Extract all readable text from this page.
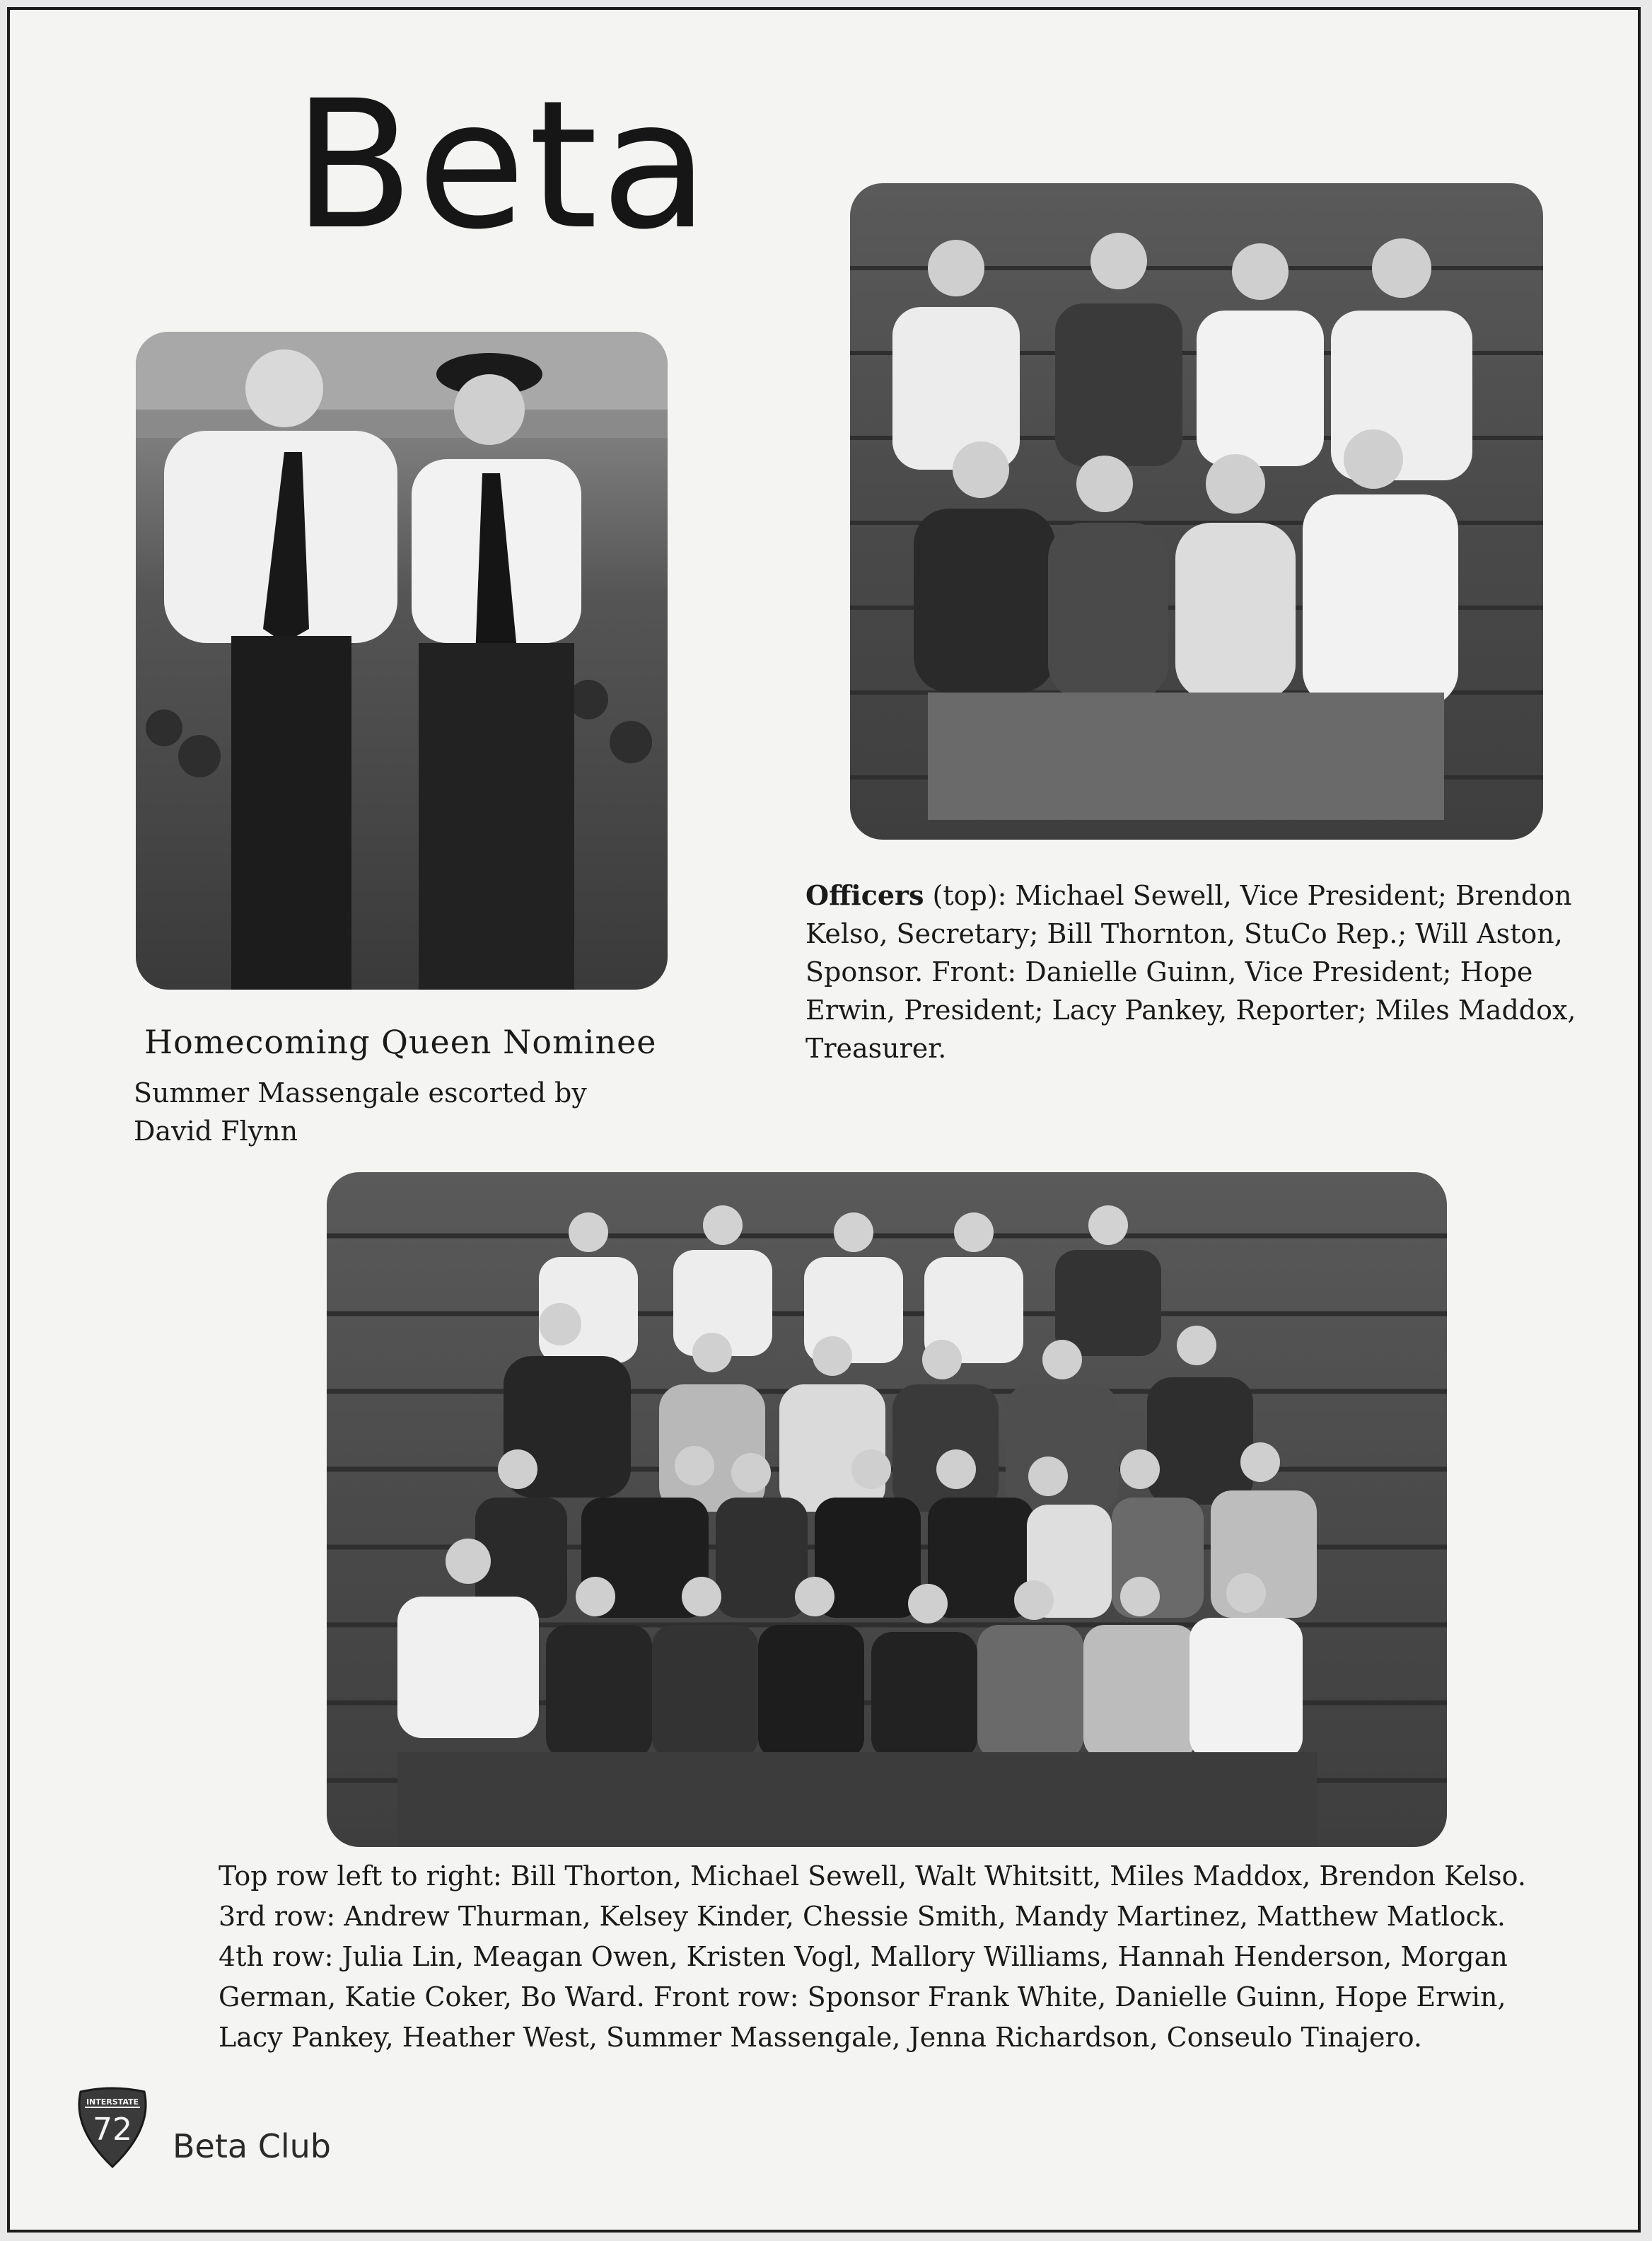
Beta
Homecoming Queen Nominee
Summer Massengale escorted by David Flynn
Officers (top): Michael Sewell, Vice President; Brendon Kelso, Secretary; Bill Thornton, StuCo Rep.; Will Aston, Sponsor. Front: Danielle Guinn, Vice President; Hope Erwin, President; Lacy Pankey, Reporter; Miles Maddox, Treasurer.
Top row left to right: Bill Thorton, Michael Sewell, Walt Whitsitt, Miles Maddox, Brendon Kelso. 3rd row: Andrew Thurman, Kelsey Kinder, Chessie Smith, Mandy Martinez, Matthew Matlock. 4th row: Julia Lin, Meagan Owen, Kristen Vogl, Mallory Williams, Hannah Henderson, Morgan German, Katie Coker, Bo Ward. Front row: Sponsor Frank White, Danielle Guinn, Hope Erwin, Lacy Pankey, Heather West, Summer Massengale, Jenna Richardson, Conseulo Tinajero.
INTERSTATE
72	Beta Club
